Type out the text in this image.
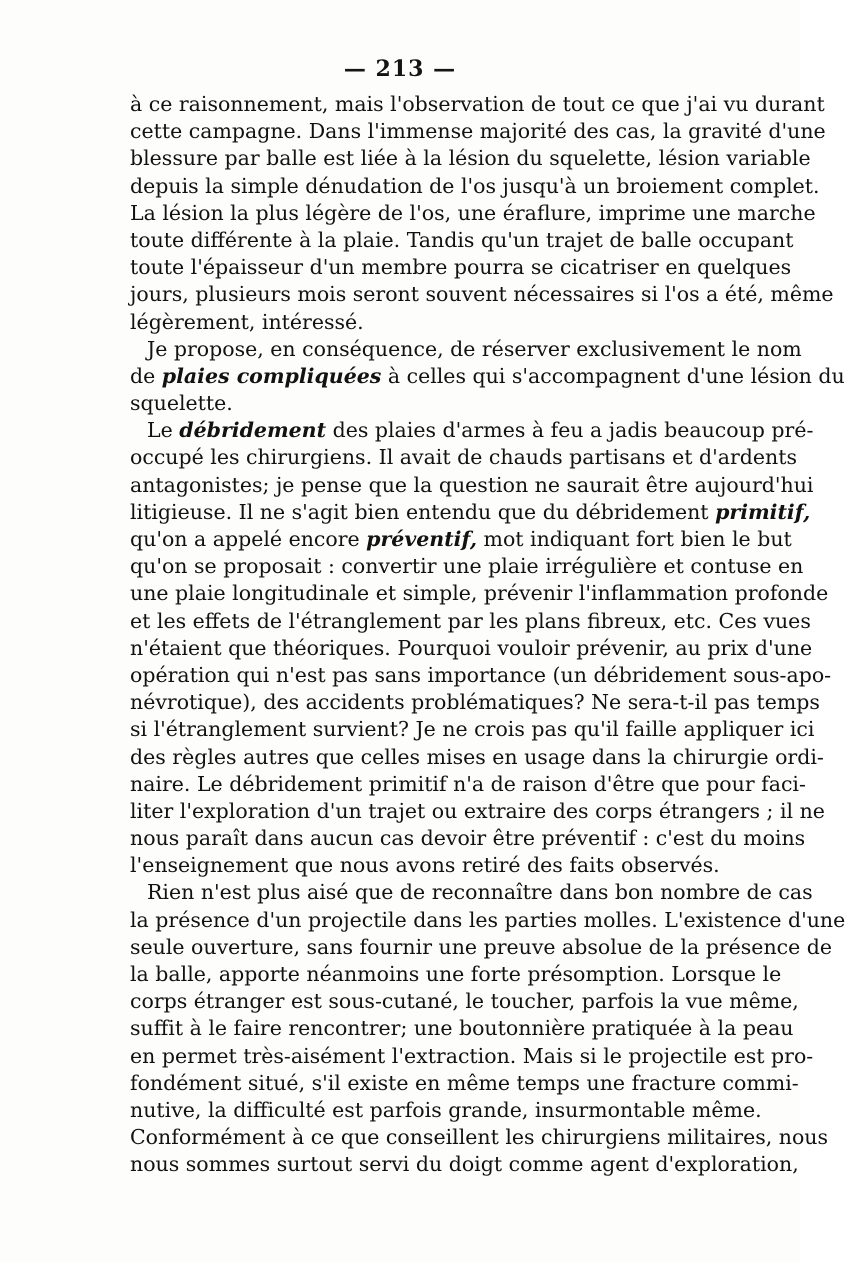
— 213 —
à ce raisonnement, mais l'observation de tout ce que j'ai vu durant
cette campagne. Dans l'immense majorité des cas, la gravité d'une
blessure par balle est liée à la lésion du squelette, lésion variable
depuis la simple dénudation de l'os jusqu'à un broiement complet.
La lésion la plus légère de l'os, une éraflure, imprime une marche
toute différente à la plaie. Tandis qu'un trajet de balle occupant
toute l'épaisseur d'un membre pourra se cicatriser en quelques
jours, plusieurs mois seront souvent nécessaires si l'os a été, même
légèrement, intéressé.
Je propose, en conséquence, de réserver exclusivement le nom
de plaies compliquées à celles qui s'accompagnent d'une lésion du
squelette.
Le débridement des plaies d'armes à feu a jadis beaucoup pré-
occupé les chirurgiens. Il avait de chauds partisans et d'ardents
antagonistes; je pense que la question ne saurait être aujourd'hui
litigieuse. Il ne s'agit bien entendu que du débridement primitif,
qu'on a appelé encore préventif, mot indiquant fort bien le but
qu'on se proposait : convertir une plaie irrégulière et contuse en
une plaie longitudinale et simple, prévenir l'inflammation profonde
et les effets de l'étranglement par les plans fibreux, etc. Ces vues
n'étaient que théoriques. Pourquoi vouloir prévenir, au prix d'une
opération qui n'est pas sans importance (un débridement sous-apo-
névrotique), des accidents problématiques? Ne sera-t-il pas temps
si l'étranglement survient? Je ne crois pas qu'il faille appliquer ici
des règles autres que celles mises en usage dans la chirurgie ordi-
naire. Le débridement primitif n'a de raison d'être que pour faci-
liter l'exploration d'un trajet ou extraire des corps étrangers ; il ne
nous paraît dans aucun cas devoir être préventif : c'est du moins
l'enseignement que nous avons retiré des faits observés.
Rien n'est plus aisé que de reconnaître dans bon nombre de cas
la présence d'un projectile dans les parties molles. L'existence d'une
seule ouverture, sans fournir une preuve absolue de la présence de
la balle, apporte néanmoins une forte présomption. Lorsque le
corps étranger est sous-cutané, le toucher, parfois la vue même,
suffit à le faire rencontrer; une boutonnière pratiquée à la peau
en permet très-aisément l'extraction. Mais si le projectile est pro-
fondément situé, s'il existe en même temps une fracture commi-
nutive, la difficulté est parfois grande, insurmontable même.
Conformément à ce que conseillent les chirurgiens militaires, nous
nous sommes surtout servi du doigt comme agent d'exploration,
